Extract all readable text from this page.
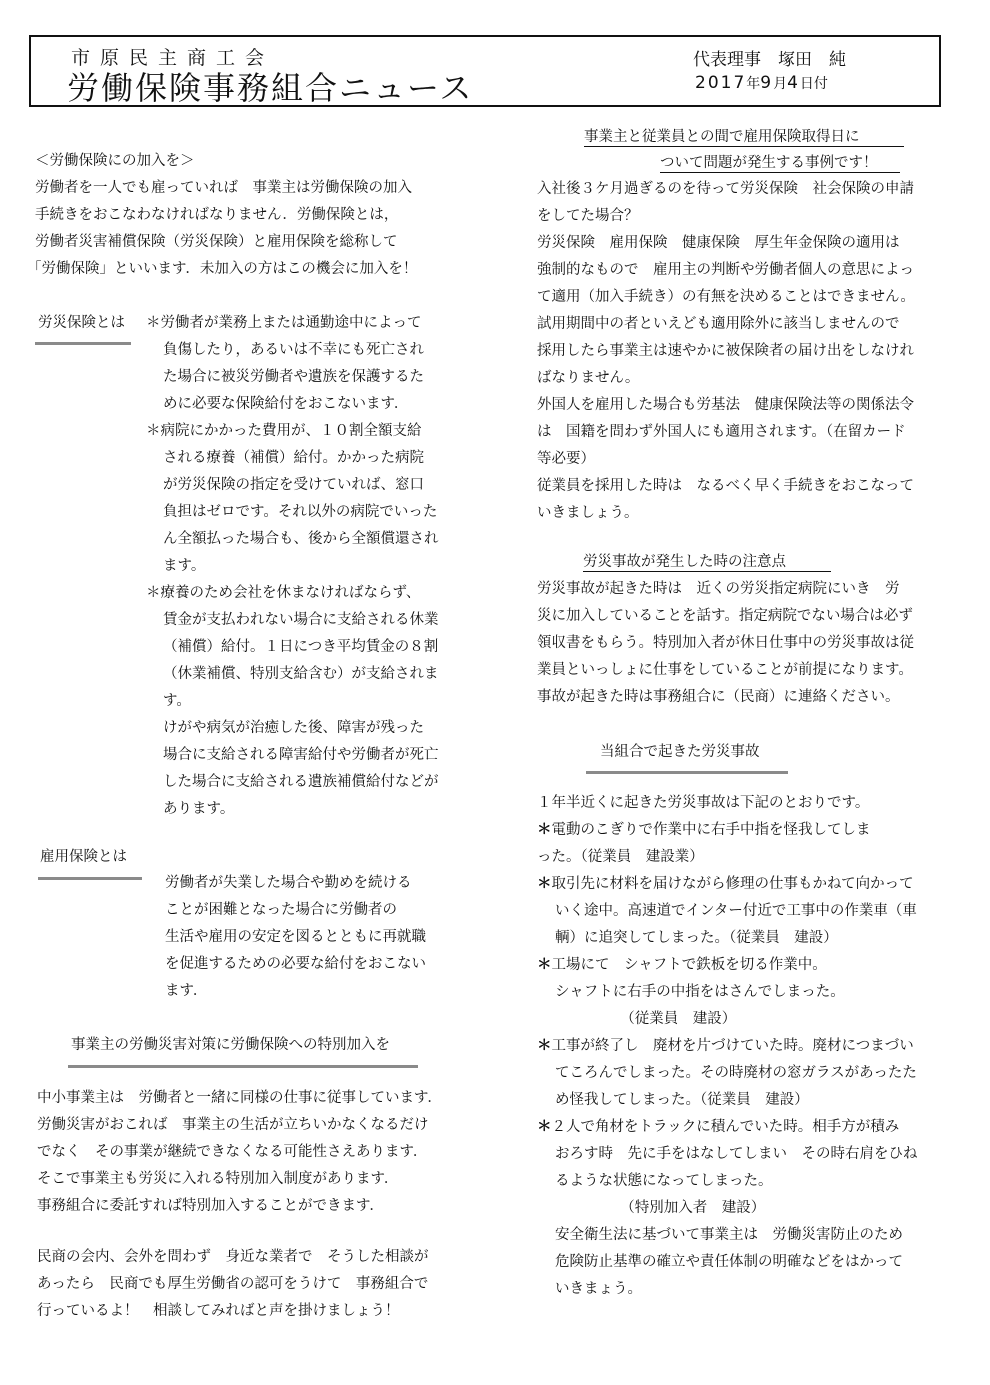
市原民主商工会
労働保険事務組合ニュース
代表理事　塚田　純
2017年9月4日付
＜労働保険にの加入を＞
労働者を一人でも雇っていれば　事業主は労働保険の加入
手続きをおこなわなければなりません．労働保険とは，
労働者災害補償保険（労災保険）と雇用保険を総称して
「労働保険」といいます．未加入の方はこの機会に加入を！
労災保険とは ＊労働者が業務上または通勤途中によって
負傷したり，あるいは不幸にも死亡され
た場合に被災労働者や遺族を保護するた
めに必要な保険給付をおこないます．
＊病院にかかった費用が、１０割全額支給
される療養（補償）給付。かかった病院
が労災保険の指定を受けていれば、窓口
負担はゼロです。それ以外の病院でいった
ん全額払った場合も、後から全額償還され
ます。
＊療養のため会社を休まなければならず、
賃金が支払われない場合に支給される休業
（補償）給付。１日につき平均賃金の８割
（休業補償、特別支給含む）が支給されま
す。
けがや病気が治癒した後、障害が残った
場合に支給される障害給付や労働者が死亡
した場合に支給される遺族補償給付などが
あります。
雇用保険とは
労働者が失業した場合や勤めを続ける
ことが困難となった場合に労働者の
生活や雇用の安定を図るとともに再就職
を促進するための必要な給付をおこない
ます．
事業主の労働災害対策に労働保険への特別加入を
中小事業主は　労働者と一緒に同様の仕事に従事しています．
労働災害がおこれば　事業主の生活が立ちいかなくなるだけ
でなく　その事業が継続できなくなる可能性さえあります．
そこで事業主も労災に入れる特別加入制度があります．
事務組合に委託すれば特別加入することができます．
民商の会内、会外を問わず　身近な業者で　そうした相談が
あったら　民商でも厚生労働省の認可をうけて　事務組合で
行っているよ！　相談してみればと声を掛けましょう！
事業主と従業員との間で雇用保険取得日に
ついて問題が発生する事例です！
入社後３ケ月過ぎるのを待って労災保険　社会保険の申請
をしてた場合？
労災保険　雇用保険　健康保険　厚生年金保険の適用は
強制的なもので　雇用主の判断や労働者個人の意思によっ
て適用（加入手続き）の有無を決めることはできません。
試用期間中の者といえども適用除外に該当しませんので
採用したら事業主は速やかに被保険者の届け出をしなけれ
ばなりません。
外国人を雇用した場合も労基法　健康保険法等の関係法令
は　国籍を問わず外国人にも適用されます。（在留カード
等必要）
従業員を採用した時は　なるべく早く手続きをおこなって
いきましょう。
労災事故が発生した時の注意点
労災事故が起きた時は　近くの労災指定病院にいき　労
災に加入していることを話す。指定病院でない場合は必ず
領収書をもらう。特別加入者が休日仕事中の労災事故は従
業員といっしょに仕事をしていることが前提になります。
事故が起きた時は事務組合に（民商）に連絡ください。
当組合で起きた労災事故
１年半近くに起きた労災事故は下記のとおりです。
＊電動のこぎりで作業中に右手中指を怪我してしま
った。（従業員　建設業）
＊取引先に材料を届けながら修理の仕事もかねて向かって
いく途中。高速道でインター付近で工事中の作業車（車
輌）に追突してしまった。（従業員　建設）
＊工場にて　シャフトで鉄板を切る作業中。
シャフトに右手の中指をはさんでしまった。
　　　　　（従業員　建設）
＊工事が終了し　廃材を片づけていた時。廃材につまづい
てころんでしまった。その時廃材の窓ガラスがあったた
め怪我してしまった。（従業員　建設）
＊２人で角材をトラックに積んでいた時。相手方が積み
おろす時　先に手をはなしてしまい　その時右肩をひね
るような状態になってしまった。
　　　　　（特別加入者　建設）
安全衛生法に基づいて事業主は　労働災害防止のため
危険防止基準の確立や責任体制の明確などをはかって
いきまょう。
